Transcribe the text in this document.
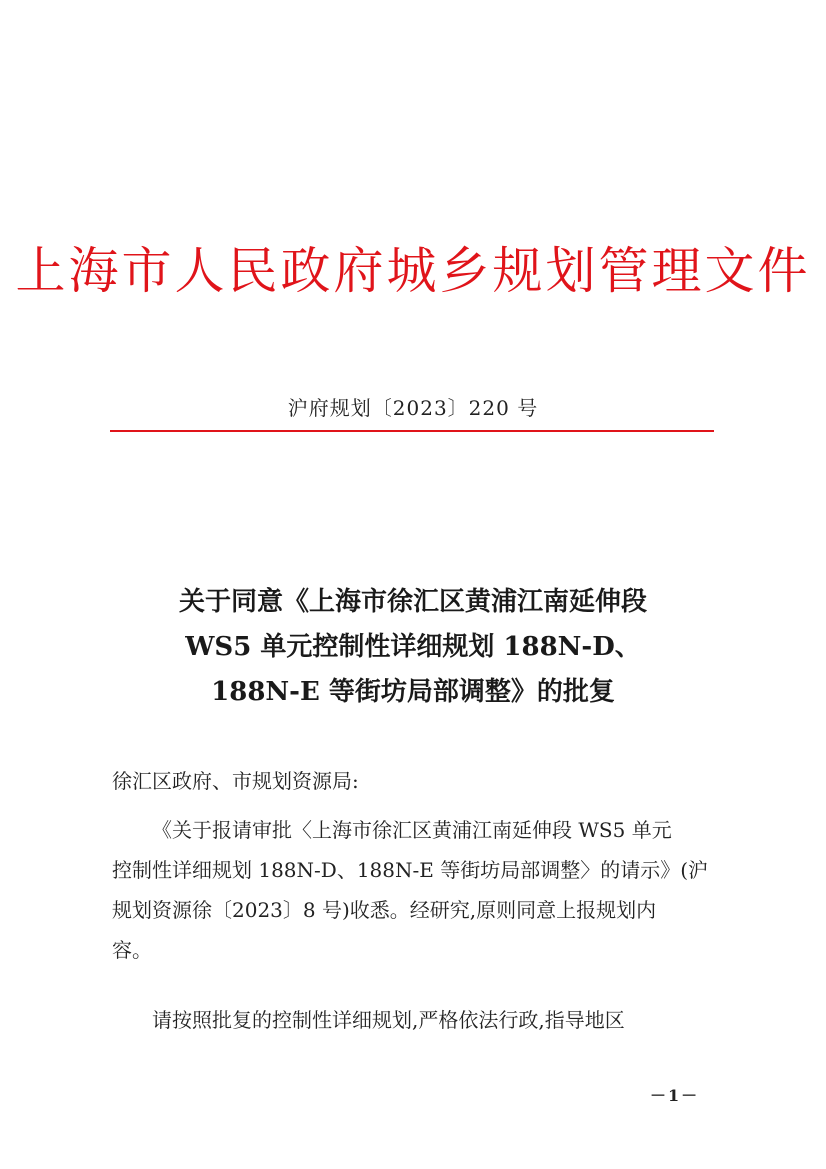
上海市人民政府城乡规划管理文件
沪府规划〔2023〕220 号
关于同意《上海市徐汇区黄浦江南延伸段
WS5 单元控制性详细规划 188N-D、
188N-E 等街坊局部调整》的批复
徐汇区政府、市规划资源局:
《关于报请审批〈上海市徐汇区黄浦江南延伸段 WS5 单元
控制性详细规划 188N-D、188N-E 等街坊局部调整〉的请示》(沪
规划资源徐〔2023〕8 号)收悉。经研究,原则同意上报规划内
容。
请按照批复的控制性详细规划,严格依法行政,指导地区
－1－
